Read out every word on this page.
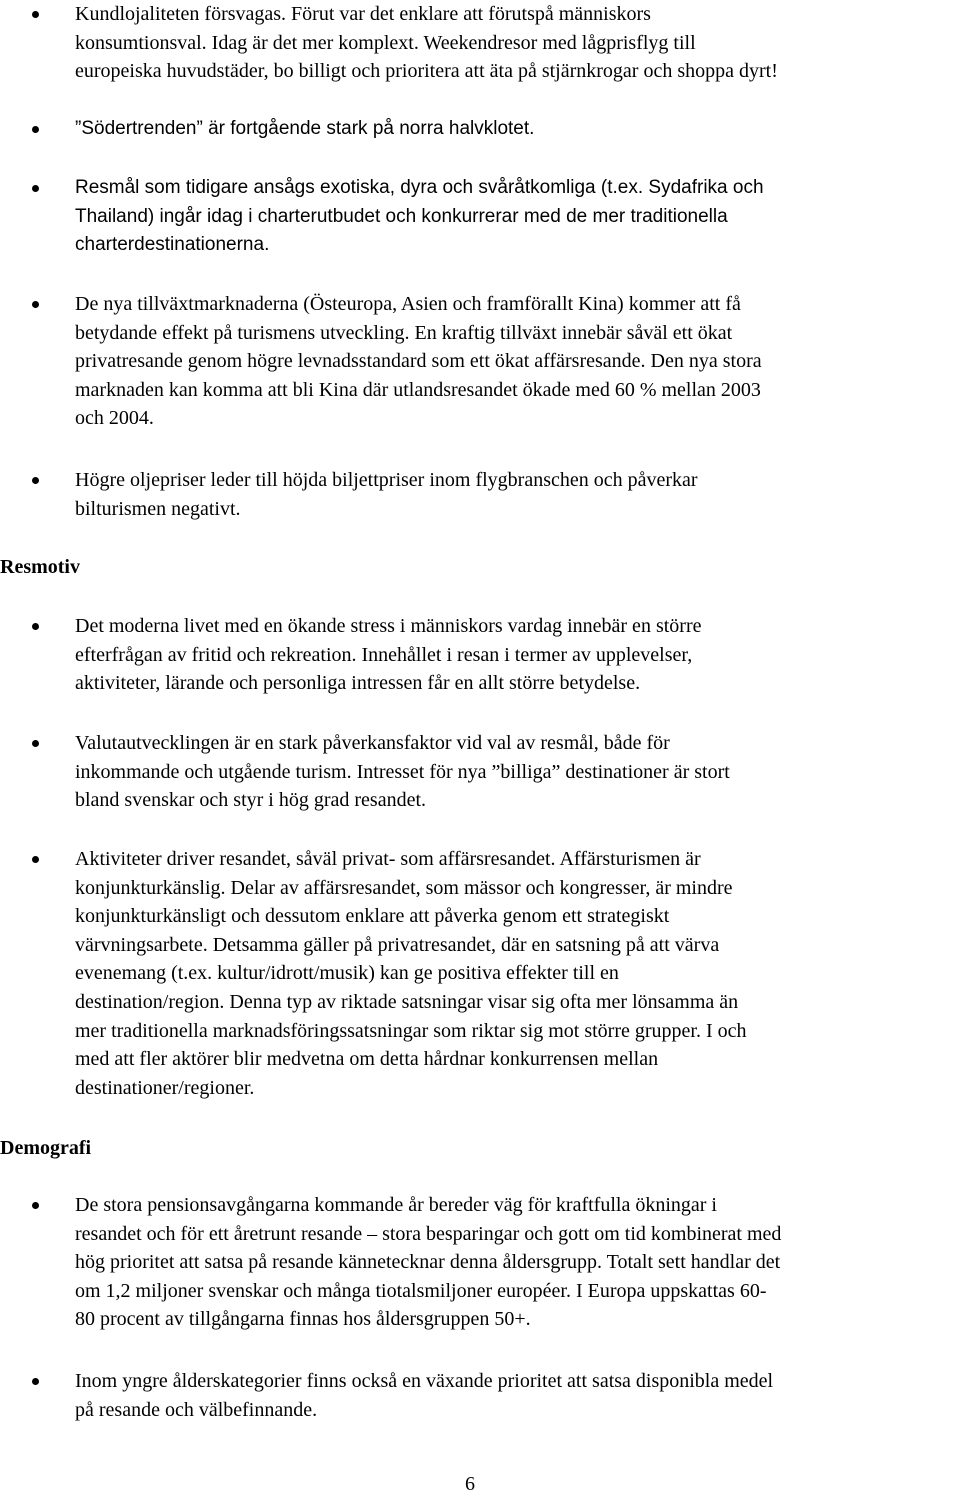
Kundlojaliteten försvagas. Förut var det enklare att förutspå människors
konsumtionsval. Idag är det mer komplext. Weekendresor med lågprisflyg till
europeiska huvudstäder, bo billigt och prioritera att äta på stjärnkrogar och shoppa dyrt!
”Södertrenden” är fortgående stark på norra halvklotet.
Resmål som tidigare ansågs exotiska, dyra och svåråtkomliga (t.ex. Sydafrika och
Thailand) ingår idag i charterutbudet och konkurrerar med de mer traditionella
charterdestinationerna.
De nya tillväxtmarknaderna (Östeuropa, Asien och framförallt Kina) kommer att få
betydande effekt på turismens utveckling. En kraftig tillväxt innebär såväl ett ökat
privatresande genom högre levnadsstandard som ett ökat affärsresande. Den nya stora
marknaden kan komma att bli Kina där utlandsresandet ökade med 60 % mellan 2003
och 2004.
Högre oljepriser leder till höjda biljettpriser inom flygbranschen och påverkar
bilturismen negativt.
Resmotiv
Det moderna livet med en ökande stress i människors vardag innebär en större
efterfrågan av fritid och rekreation. Innehållet i resan i termer av upplevelser,
aktiviteter, lärande och personliga intressen får en allt större betydelse.
Valutautvecklingen är en stark påverkansfaktor vid val av resmål, både för
inkommande och utgående turism. Intresset för nya ”billiga” destinationer är stort
bland svenskar och styr i hög grad resandet.
Aktiviteter driver resandet, såväl privat- som affärsresandet. Affärsturismen är
konjunkturkänslig. Delar av affärsresandet, som mässor och kongresser, är mindre
konjunkturkänsligt och dessutom enklare att påverka genom ett strategiskt
värvningsarbete. Detsamma gäller på privatresandet, där en satsning på att värva
evenemang (t.ex. kultur/idrott/musik) kan ge positiva effekter till en
destination/region. Denna typ av riktade satsningar visar sig ofta mer lönsamma än
mer traditionella marknadsföringssatsningar som riktar sig mot större grupper. I och
med att fler aktörer blir medvetna om detta hårdnar konkurrensen mellan
destinationer/regioner.
Demografi
De stora pensionsavgångarna kommande år bereder väg för kraftfulla ökningar i
resandet och för ett åretrunt resande – stora besparingar och gott om tid kombinerat med
hög prioritet att satsa på resande kännetecknar denna åldersgrupp. Totalt sett handlar det
om 1,2 miljoner svenskar och många tiotalsmiljoner européer. I Europa uppskattas 60-
80 procent av tillgångarna finnas hos åldersgruppen 50+.
Inom yngre ålderskategorier finns också en växande prioritet att satsa disponibla medel
på resande och välbefinnande.
6
